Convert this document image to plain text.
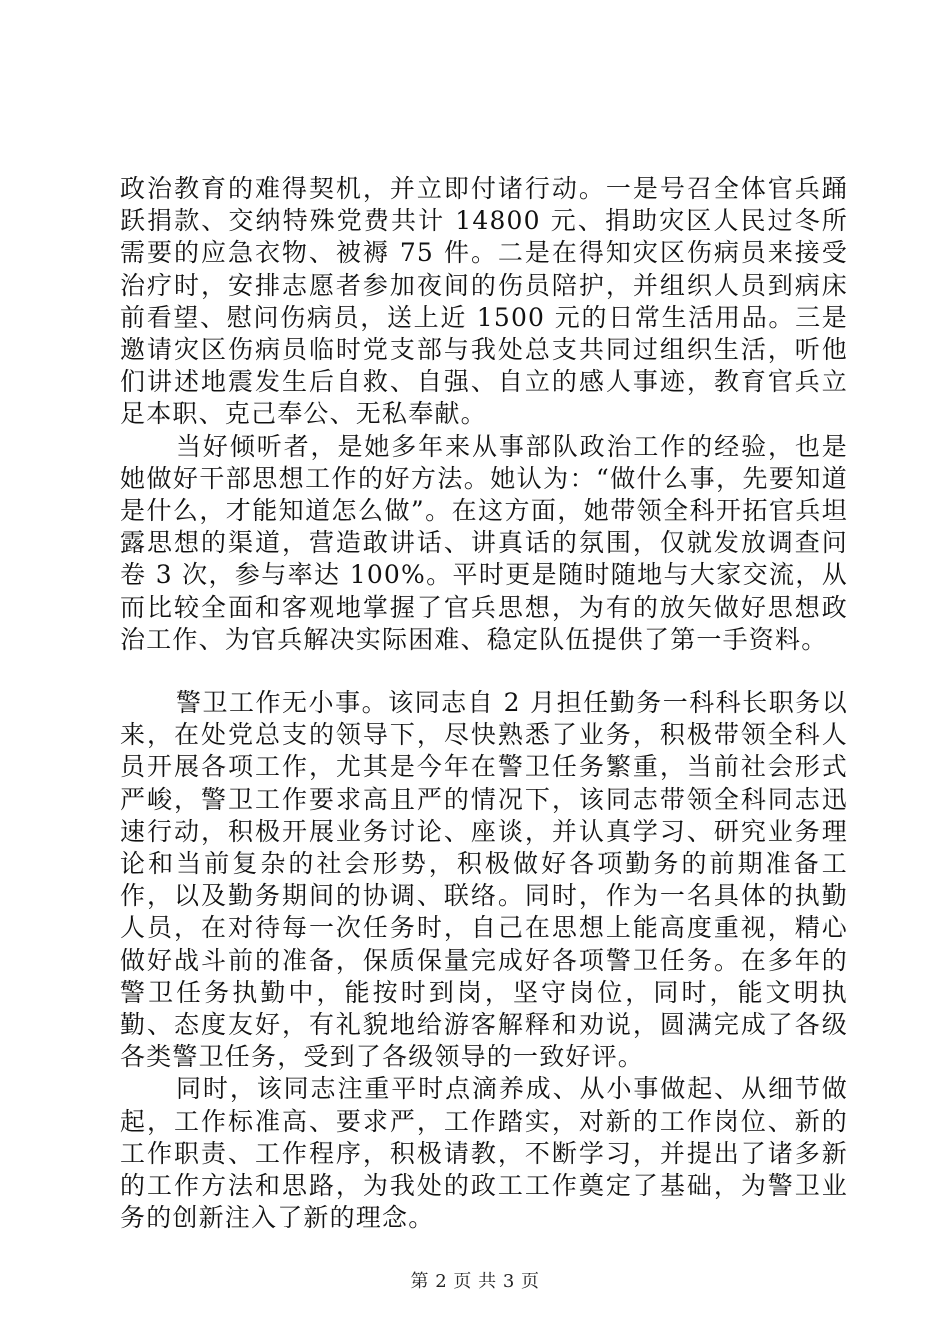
政治教育的难得契机，并立即付诸行动。一是号召全体官兵踊跃捐款、交纳特殊党费共计 14800 元、捐助灾区人民过冬所需要的应急衣物、被褥 75 件。二是在得知灾区伤病员来接受治疗时，安排志愿者参加夜间的伤员陪护，并组织人员到病床前看望、慰问伤病员，送上近 1500 元的日常生活用品。三是邀请灾区伤病员临时党支部与我处总支共同过组织生活，听他们讲述地震发生后自救、自强、自立的感人事迹，教育官兵立足本职、克己奉公、无私奉献。

当好倾听者，是她多年来从事部队政治工作的经验，也是她做好干部思想工作的好方法。她认为：“做什么事，先要知道是什么，才能知道怎么做”。在这方面，她带领全科开拓官兵坦露思想的渠道，营造敢讲话、讲真话的氛围，仅就发放调查问卷 3 次，参与率达 100%。平时更是随时随地与大家交流，从而比较全面和客观地掌握了官兵思想，为有的放矢做好思想政治工作、为官兵解决实际困难、稳定队伍提供了第一手资料。

警卫工作无小事。该同志自 2 月担任勤务一科科长职务以来，在处党总支的领导下，尽快熟悉了业务，积极带领全科人员开展各项工作，尤其是今年在警卫任务繁重，当前社会形式严峻，警卫工作要求高且严的情况下，该同志带领全科同志迅速行动，积极开展业务讨论、座谈，并认真学习、研究业务理论和当前复杂的社会形势，积极做好各项勤务的前期准备工作，以及勤务期间的协调、联络。同时，作为一名具体的执勤人员，在对待每一次任务时，自己在思想上能高度重视，精心做好战斗前的准备，保质保量完成好各项警卫任务。在多年的警卫任务执勤中，能按时到岗，坚守岗位，同时，能文明执勤、态度友好，有礼貌地给游客解释和劝说，圆满完成了各级各类警卫任务，受到了各级领导的一致好评。

同时，该同志注重平时点滴养成、从小事做起、从细节做起，工作标准高、要求严，工作踏实，对新的工作岗位、新的工作职责、工作程序，积极请教，不断学习，并提出了诸多新的工作方法和思路，为我处的政工工作奠定了基础，为警卫业务的创新注入了新的理念。

第 2 页 共 3 页
